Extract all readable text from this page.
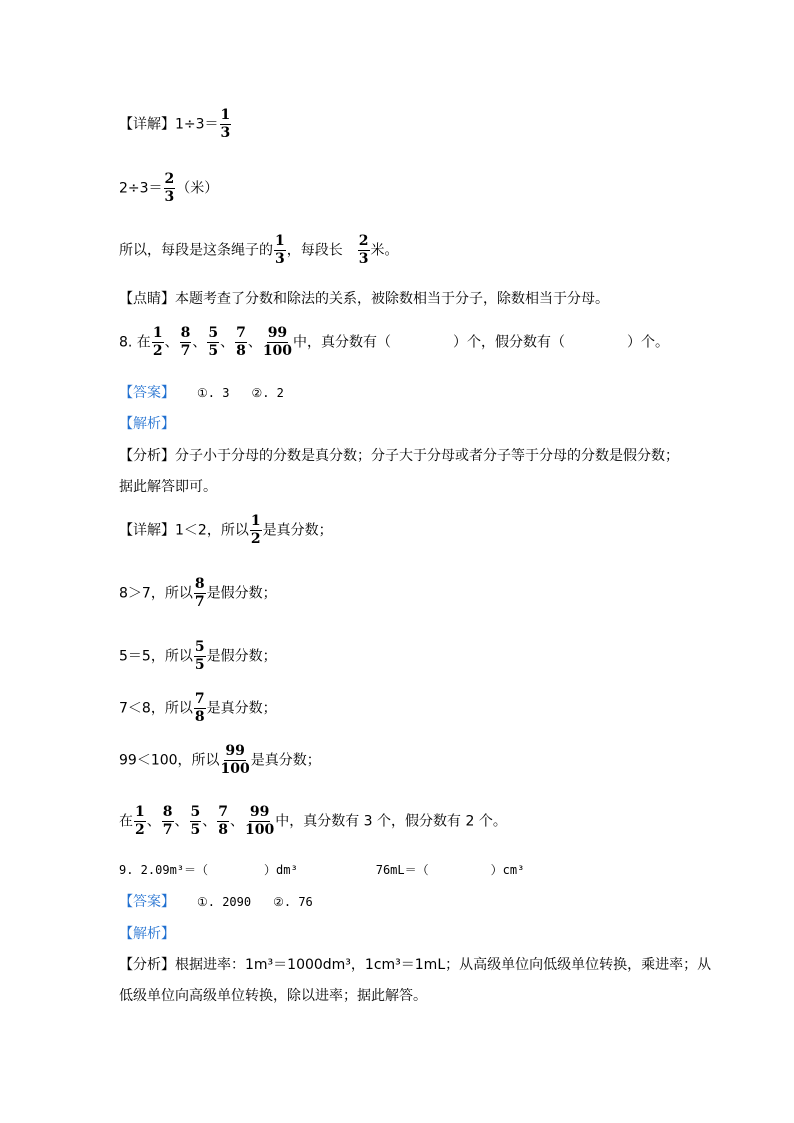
【详解】$1\div 3= \frac{1}{3}$
$2\div 3= \frac{2}{3}$ （米）
所以，每段是这条绳子的 $\frac{1}{3}$ ，每段长 $\frac{2}{3}$ 米。
【点睛】本题考查了分数和除法的关系，被除数相当于分子，除数相当于分母。
8. 在 $\frac{1}{2}$ 、 $\frac{8}{7}$ 、 $\frac{5}{5}$ 、 $\frac{7}{8}$ 、 $\frac{99}{100}$ 中，真分数有（	）个，假分数有（	）个。
【答案】 ①. 3 ②. 2
【解析】
【分析】分子小于分母的分数是真分数；分子大于分母或者分子等于分母的分数是假分数；
据此解答即可。
【详解】1＜2，所以 $\frac{1}{2}$ 是真分数；
8＞7，所以 $\frac{8}{7}$ 是假分数；
5＝5，所以 $\frac{5}{5}$ 是假分数；
7＜8，所以 $\frac{7}{8}$ 是真分数；
99＜100，所以 $\frac{99}{100}$ 是真分数；
在 $\frac{1}{2}$ 、 $\frac{8}{7}$ 、 $\frac{5}{5}$ 、 $\frac{7}{8}$ 、 $\frac{99}{100}$ 中，真分数有 3 个，假分数有 2 个。
9. 2.09m³＝（	）dm³	76mL＝（	）cm³
【答案】 ①. 2090 ②. 76
【解析】
【分析】根据进率：1m³＝1000dm³，1cm³＝1mL；从高级单位向低级单位转换，乘进率；从
低级单位向高级单位转换，除以进率；据此解答。
